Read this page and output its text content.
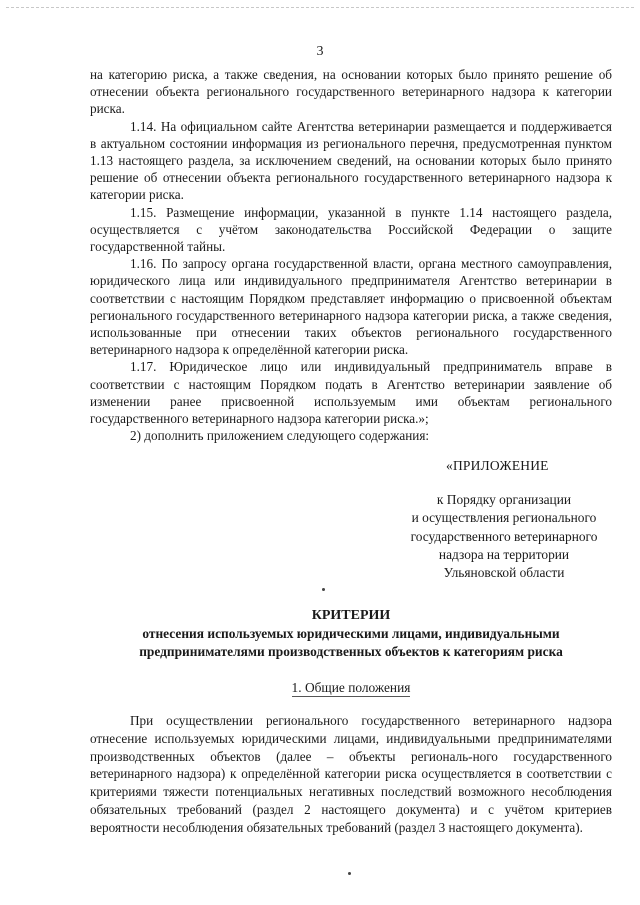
3

на категорию риска, а также сведения, на основании которых было принято решение об отнесении объекта регионального государственного ветеринарного надзора к категории риска.

1.14. На официальном сайте Агентства ветеринарии размещается и поддерживается в актуальном состоянии информация из регионального перечня, предусмотренная пунктом 1.13 настоящего раздела, за исключением сведений, на основании которых было принято решение об отнесении объекта регионального государственного ветеринарного надзора к категории риска.

1.15. Размещение информации, указанной в пункте 1.14 настоящего раздела, осуществляется с учётом законодательства Российской Федерации о защите государственной тайны.

1.16. По запросу органа государственной власти, органа местного самоуправления, юридического лица или индивидуального предпринимателя Агентство ветеринарии в соответствии с настоящим Порядком представляет информацию о присвоенной объектам регионального государственного ветеринарного надзора категории риска, а также сведения, использованные при отнесении таких объектов регионального государственного ветеринарного надзора к определённой категории риска.

1.17. Юридическое лицо или индивидуальный предприниматель вправе в соответствии с настоящим Порядком подать в Агентство ветеринарии заявление об изменении ранее присвоенной используемым ими объектам регионального государственного ветеринарного надзора категории риска.»;

2) дополнить приложением следующего содержания:

«ПРИЛОЖЕНИЕ
к Порядку организации
и осуществления регионального
государственного ветеринарного
надзора на территории
Ульяновской области
КРИТЕРИИ
отнесения используемых юридическими лицами, индивидуальными
предпринимателями производственных объектов к категориям риска
1. Общие положения

При осуществлении регионального государственного ветеринарного надзора отнесение используемых юридическими лицами, индивидуальными предпринимателями производственных объектов (далее – объекты региональ-ного государственного ветеринарного надзора) к определённой категории риска осуществляется в соответствии с критериями тяжести потенциальных негативных последствий возможного несоблюдения обязательных требований (раздел 2 настоящего документа) и с учётом критериев вероятности несоблюдения обязательных требований (раздел 3 настоящего документа).
